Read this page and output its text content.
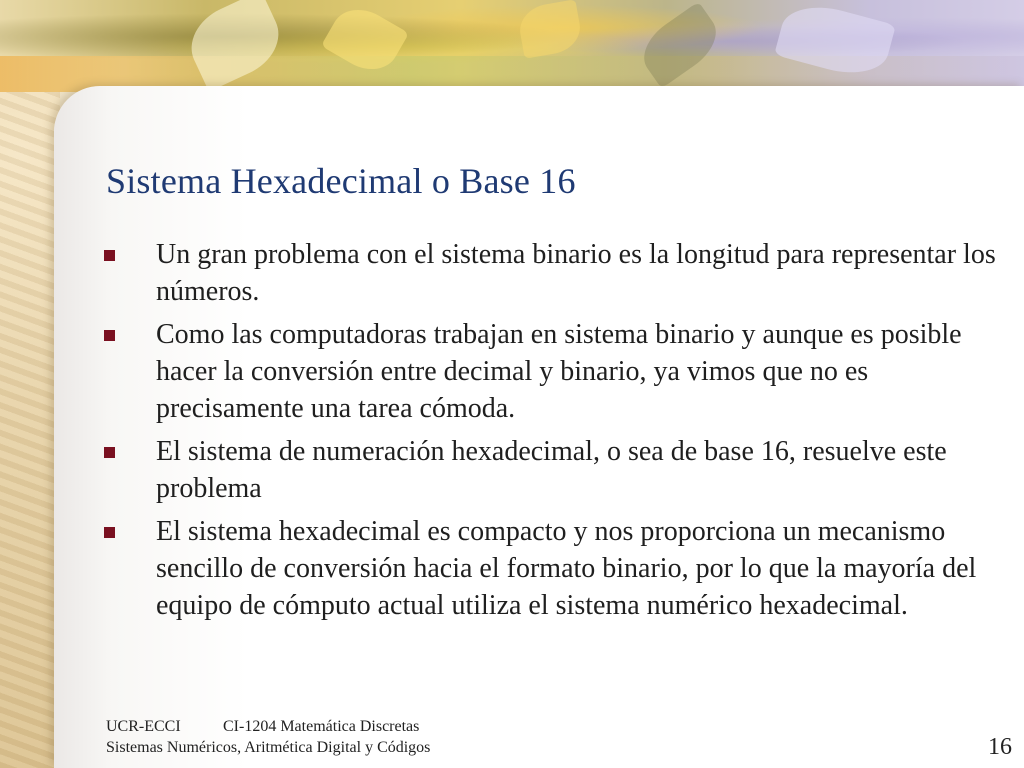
Sistema Hexadecimal o Base 16
Un gran problema con el sistema binario es la longitud para representar los números.
Como las computadoras trabajan en sistema binario y aunque es posible hacer la conversión entre decimal y binario, ya vimos que no es precisamente una tarea cómoda.
El sistema de numeración hexadecimal, o sea de base 16, resuelve este problema
El sistema hexadecimal es compacto y nos proporciona un mecanismo sencillo de conversión hacia el formato binario, por lo que la mayoría del equipo de cómputo actual utiliza el sistema numérico hexadecimal.
UCR-ECCI	CI-1204 Matemática Discretas
Sistemas Numéricos, Aritmética Digital y Códigos	16
